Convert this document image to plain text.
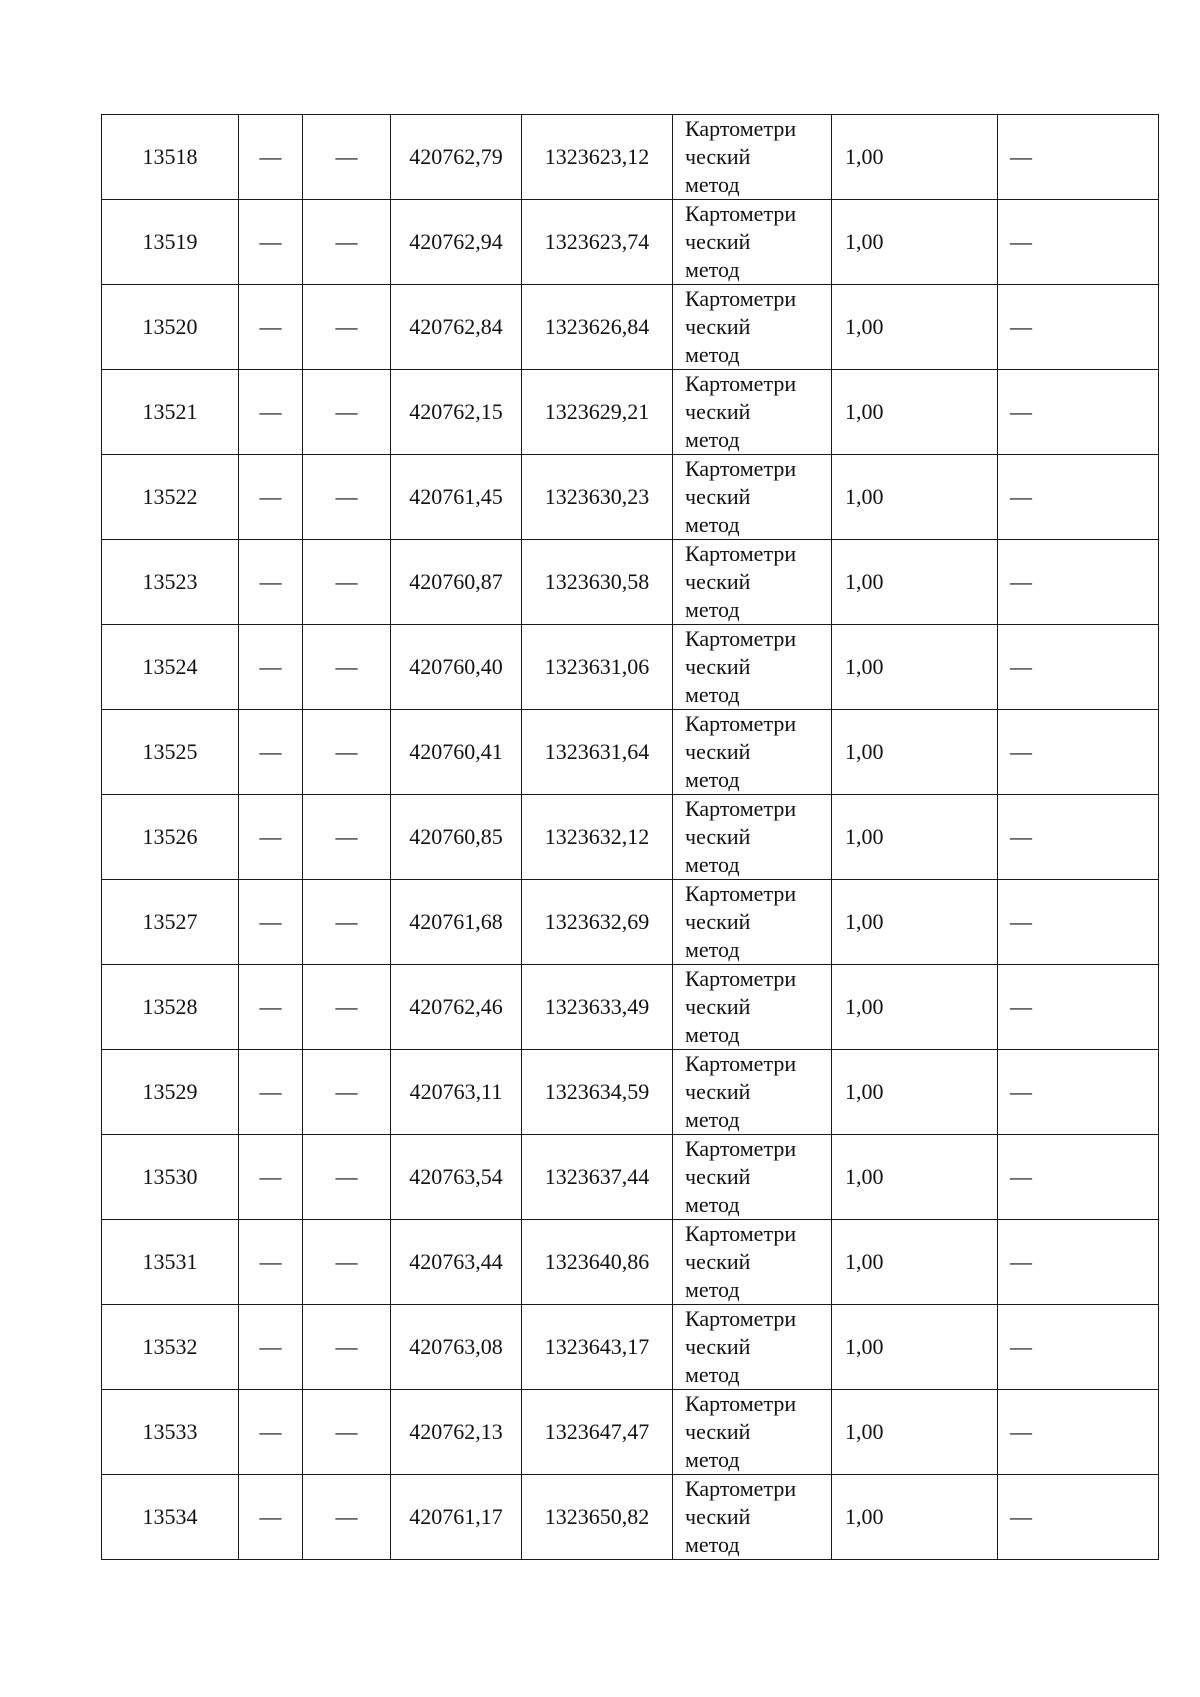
13518	—	—	420762,79	1323623,12	Картометри
ческий
метод	1,00	—
13519	—	—	420762,94	1323623,74	Картометри
ческий
метод	1,00	—
13520	—	—	420762,84	1323626,84	Картометри
ческий
метод	1,00	—
13521	—	—	420762,15	1323629,21	Картометри
ческий
метод	1,00	—
13522	—	—	420761,45	1323630,23	Картометри
ческий
метод	1,00	—
13523	—	—	420760,87	1323630,58	Картометри
ческий
метод	1,00	—
13524	—	—	420760,40	1323631,06	Картометри
ческий
метод	1,00	—
13525	—	—	420760,41	1323631,64	Картометри
ческий
метод	1,00	—
13526	—	—	420760,85	1323632,12	Картометри
ческий
метод	1,00	—
13527	—	—	420761,68	1323632,69	Картометри
ческий
метод	1,00	—
13528	—	—	420762,46	1323633,49	Картометри
ческий
метод	1,00	—
13529	—	—	420763,11	1323634,59	Картометри
ческий
метод	1,00	—
13530	—	—	420763,54	1323637,44	Картометри
ческий
метод	1,00	—
13531	—	—	420763,44	1323640,86	Картометри
ческий
метод	1,00	—
13532	—	—	420763,08	1323643,17	Картометри
ческий
метод	1,00	—
13533	—	—	420762,13	1323647,47	Картометри
ческий
метод	1,00	—
13534	—	—	420761,17	1323650,82	Картометри
ческий
метод	1,00	—
